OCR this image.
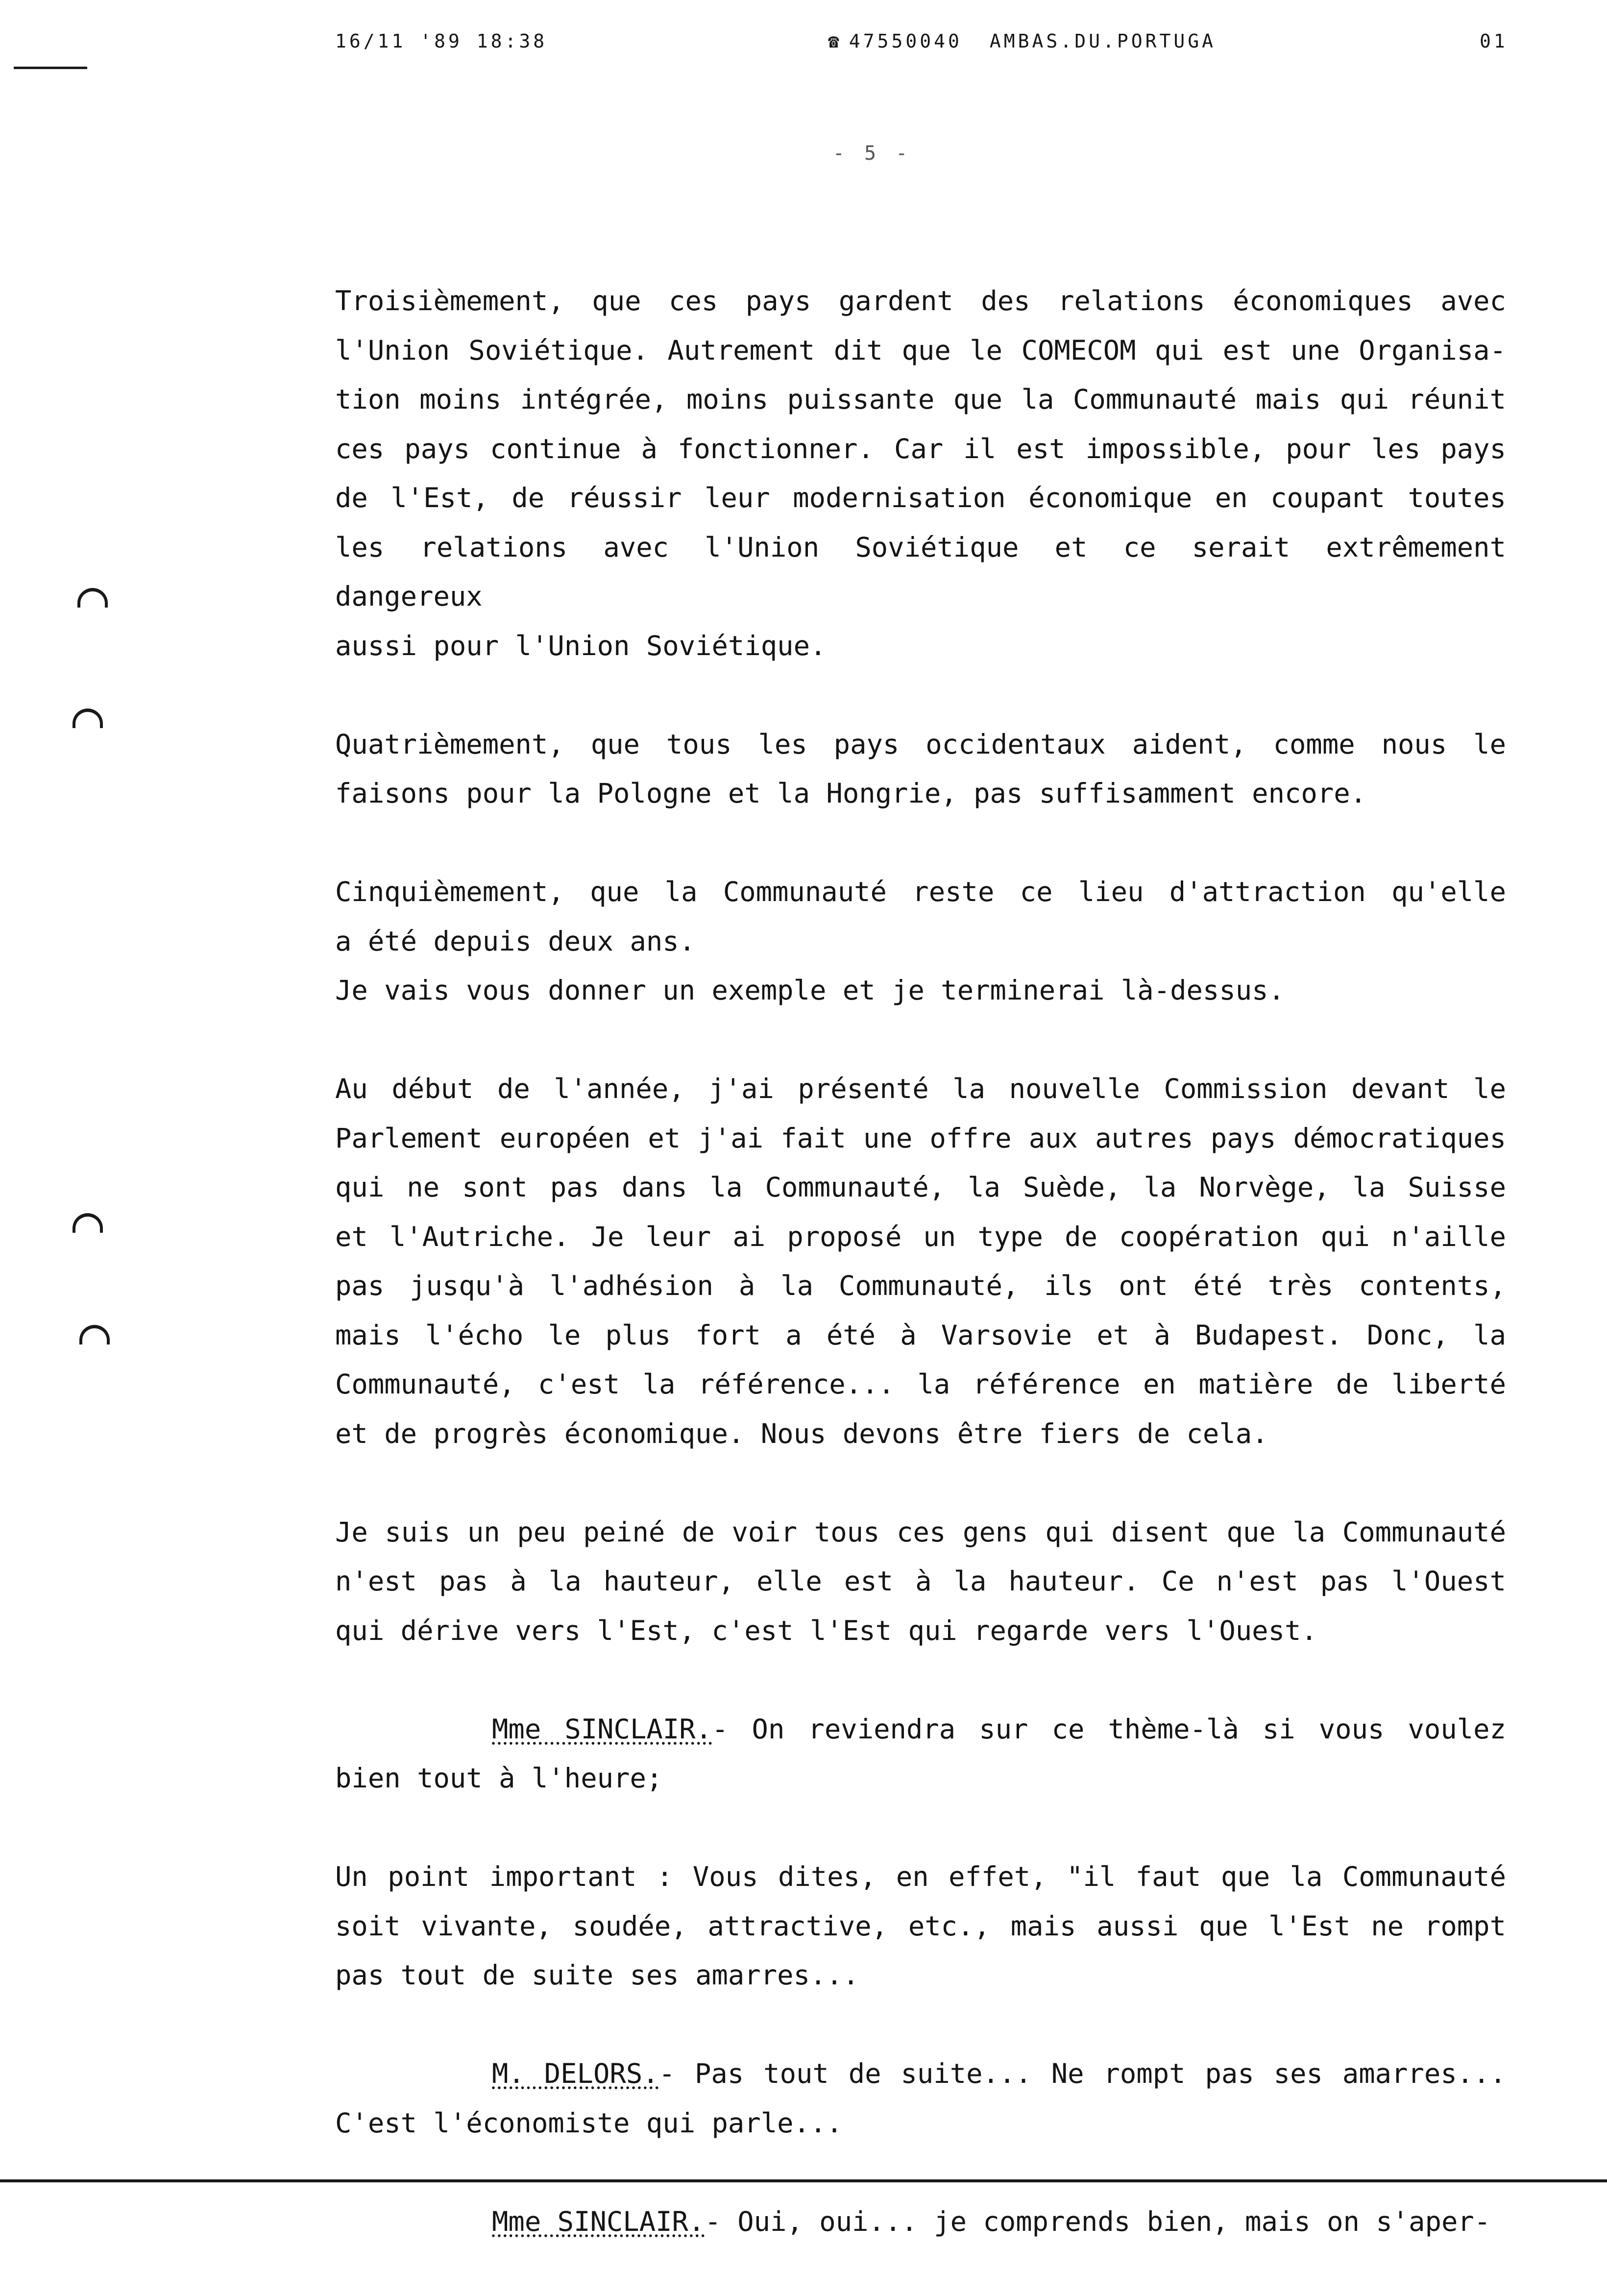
16/11 '89 18:38	☎ 47550040 AMBAS.DU.PORTUGA	01
- 5 -

Troisièmement, que ces pays gardent des relations économiques avec
l'Union Soviétique. Autrement dit que le COMECOM qui est une Organisa-
tion moins intégrée, moins puissante que la Communauté mais qui réunit
ces pays continue à fonctionner. Car il est impossible, pour les pays
de l'Est, de réussir leur modernisation économique en coupant toutes
les relations avec l'Union Soviétique et ce serait extrêmement dangereux
aussi pour l'Union Soviétique.

Quatrièmement, que tous les pays occidentaux aident, comme nous le
faisons pour la Pologne et la Hongrie, pas suffisamment encore.

Cinquièmement, que la Communauté reste ce lieu d'attraction qu'elle
a été depuis deux ans.

Je vais vous donner un exemple et je terminerai là-dessus.

Au début de l'année, j'ai présenté la nouvelle Commission devant le
Parlement européen et j'ai fait une offre aux autres pays démocratiques
qui ne sont pas dans la Communauté, la Suède, la Norvège, la Suisse
et l'Autriche. Je leur ai proposé un type de coopération qui n'aille
pas jusqu'à l'adhésion à la Communauté, ils ont été très contents,
mais l'écho le plus fort a été à Varsovie et à Budapest. Donc, la
Communauté, c'est la référence... la référence en matière de liberté
et de progrès économique. Nous devons être fiers de cela.

Je suis un peu peiné de voir tous ces gens qui disent que la Communauté
n'est pas à la hauteur, elle est à la hauteur. Ce n'est pas l'Ouest
qui dérive vers l'Est, c'est l'Est qui regarde vers l'Ouest.

Mme SINCLAIR.- On reviendra sur ce thème-là si vous voulez
bien tout à l'heure;

Un point important : Vous dites, en effet, "il faut que la Communauté
soit vivante, soudée, attractive, etc., mais aussi que l'Est ne rompt
pas tout de suite ses amarres...

M. DELORS.- Pas tout de suite... Ne rompt pas ses amarres...
C'est l'économiste qui parle...

Mme SINCLAIR.- Oui, oui... je comprends bien, mais on s'aper-
